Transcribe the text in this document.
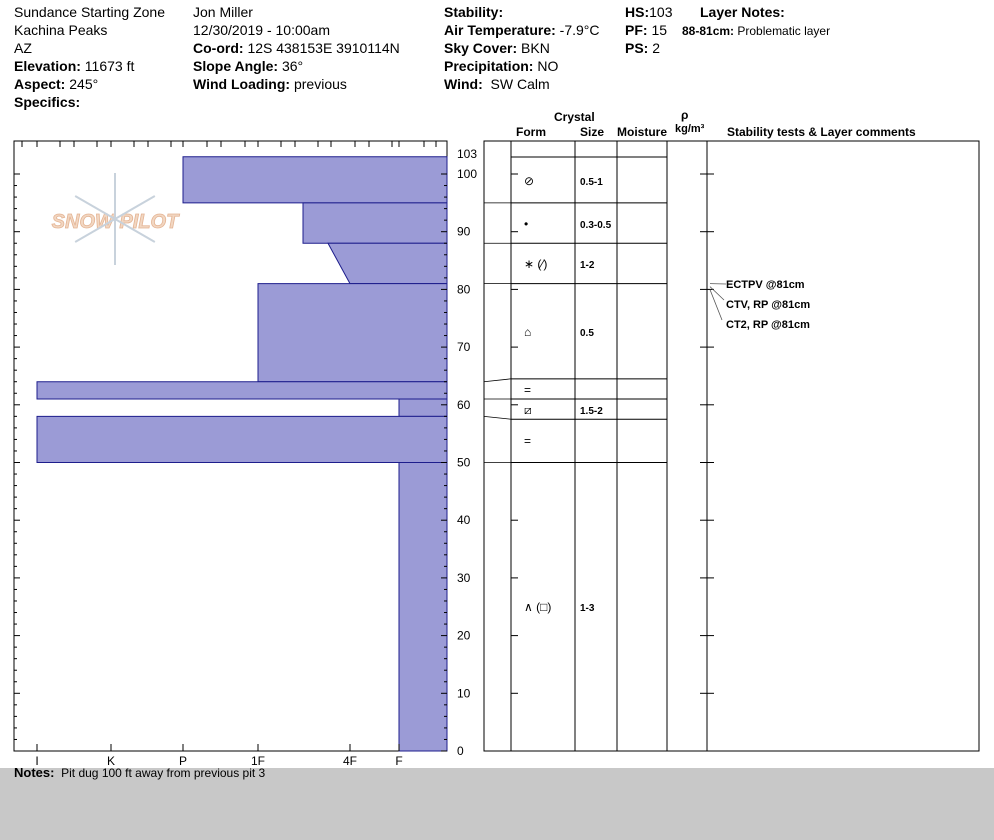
Sundance Starting Zone
Kachina Peaks
AZ
Elevation: 11673 ft
Aspect: 245°
Specifics:
Jon Miller
12/30/2019 - 10:00am
Co-ord: 12S 438153E 3910114N
Slope Angle: 36°
Wind Loading: previous
Stability:
Air Temperature: -7.9°C
Sky Cover: BKN
Precipitation: NO
Wind: SW Calm
HS:103
PF: 15
PS: 2
Layer Notes:
88-81cm: Problematic layer
Crystal
Form	Size Moisture
ρ
kg/m³ Stability tests & Layer comments
SNOW PILOT
0
10
20
30
40
50
60
70
80
90
100
103
I	K	P	1F	4F	F
⊘	0.5-1
•	0.3-0.5
∗ (⁄)	1-2
⌂	0.5
=
⧄	1.5-2
=
∧ (□)	1-3
ECTPV @81cm
CTV, RP @81cm
CT2, RP @81cm
Notes: Pit dug 100 ft away from previous pit 3
